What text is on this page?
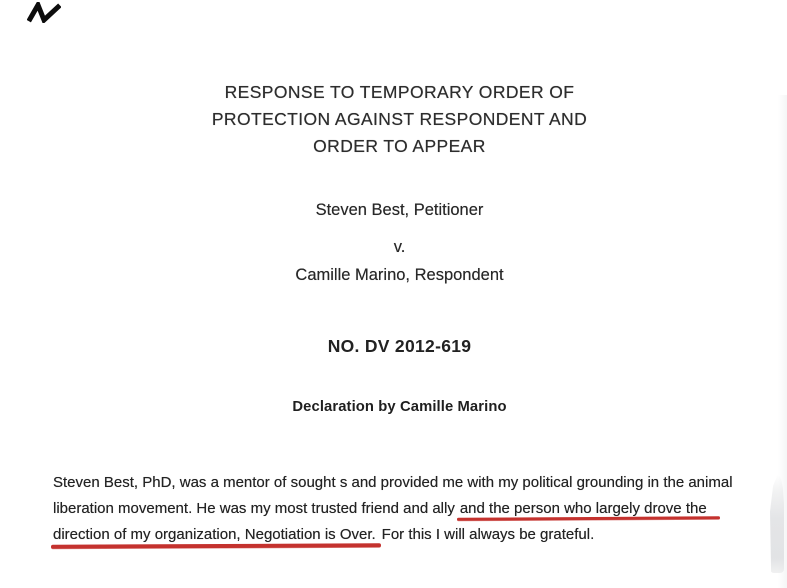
RESPONSE TO TEMPORARY ORDER OF
PROTECTION AGAINST RESPONDENT AND
ORDER TO APPEAR
Steven Best, Petitioner
v.
Camille Marino, Respondent
NO. DV 2012-619
Declaration by Camille Marino
Steven Best, PhD, was a mentor of sought s and provided me with my political grounding in the animal
liberation movement. He was my most trusted friend and ally and the person who largely drove the
direction of my organization, Negotiation is Over. For this I will always be grateful.
